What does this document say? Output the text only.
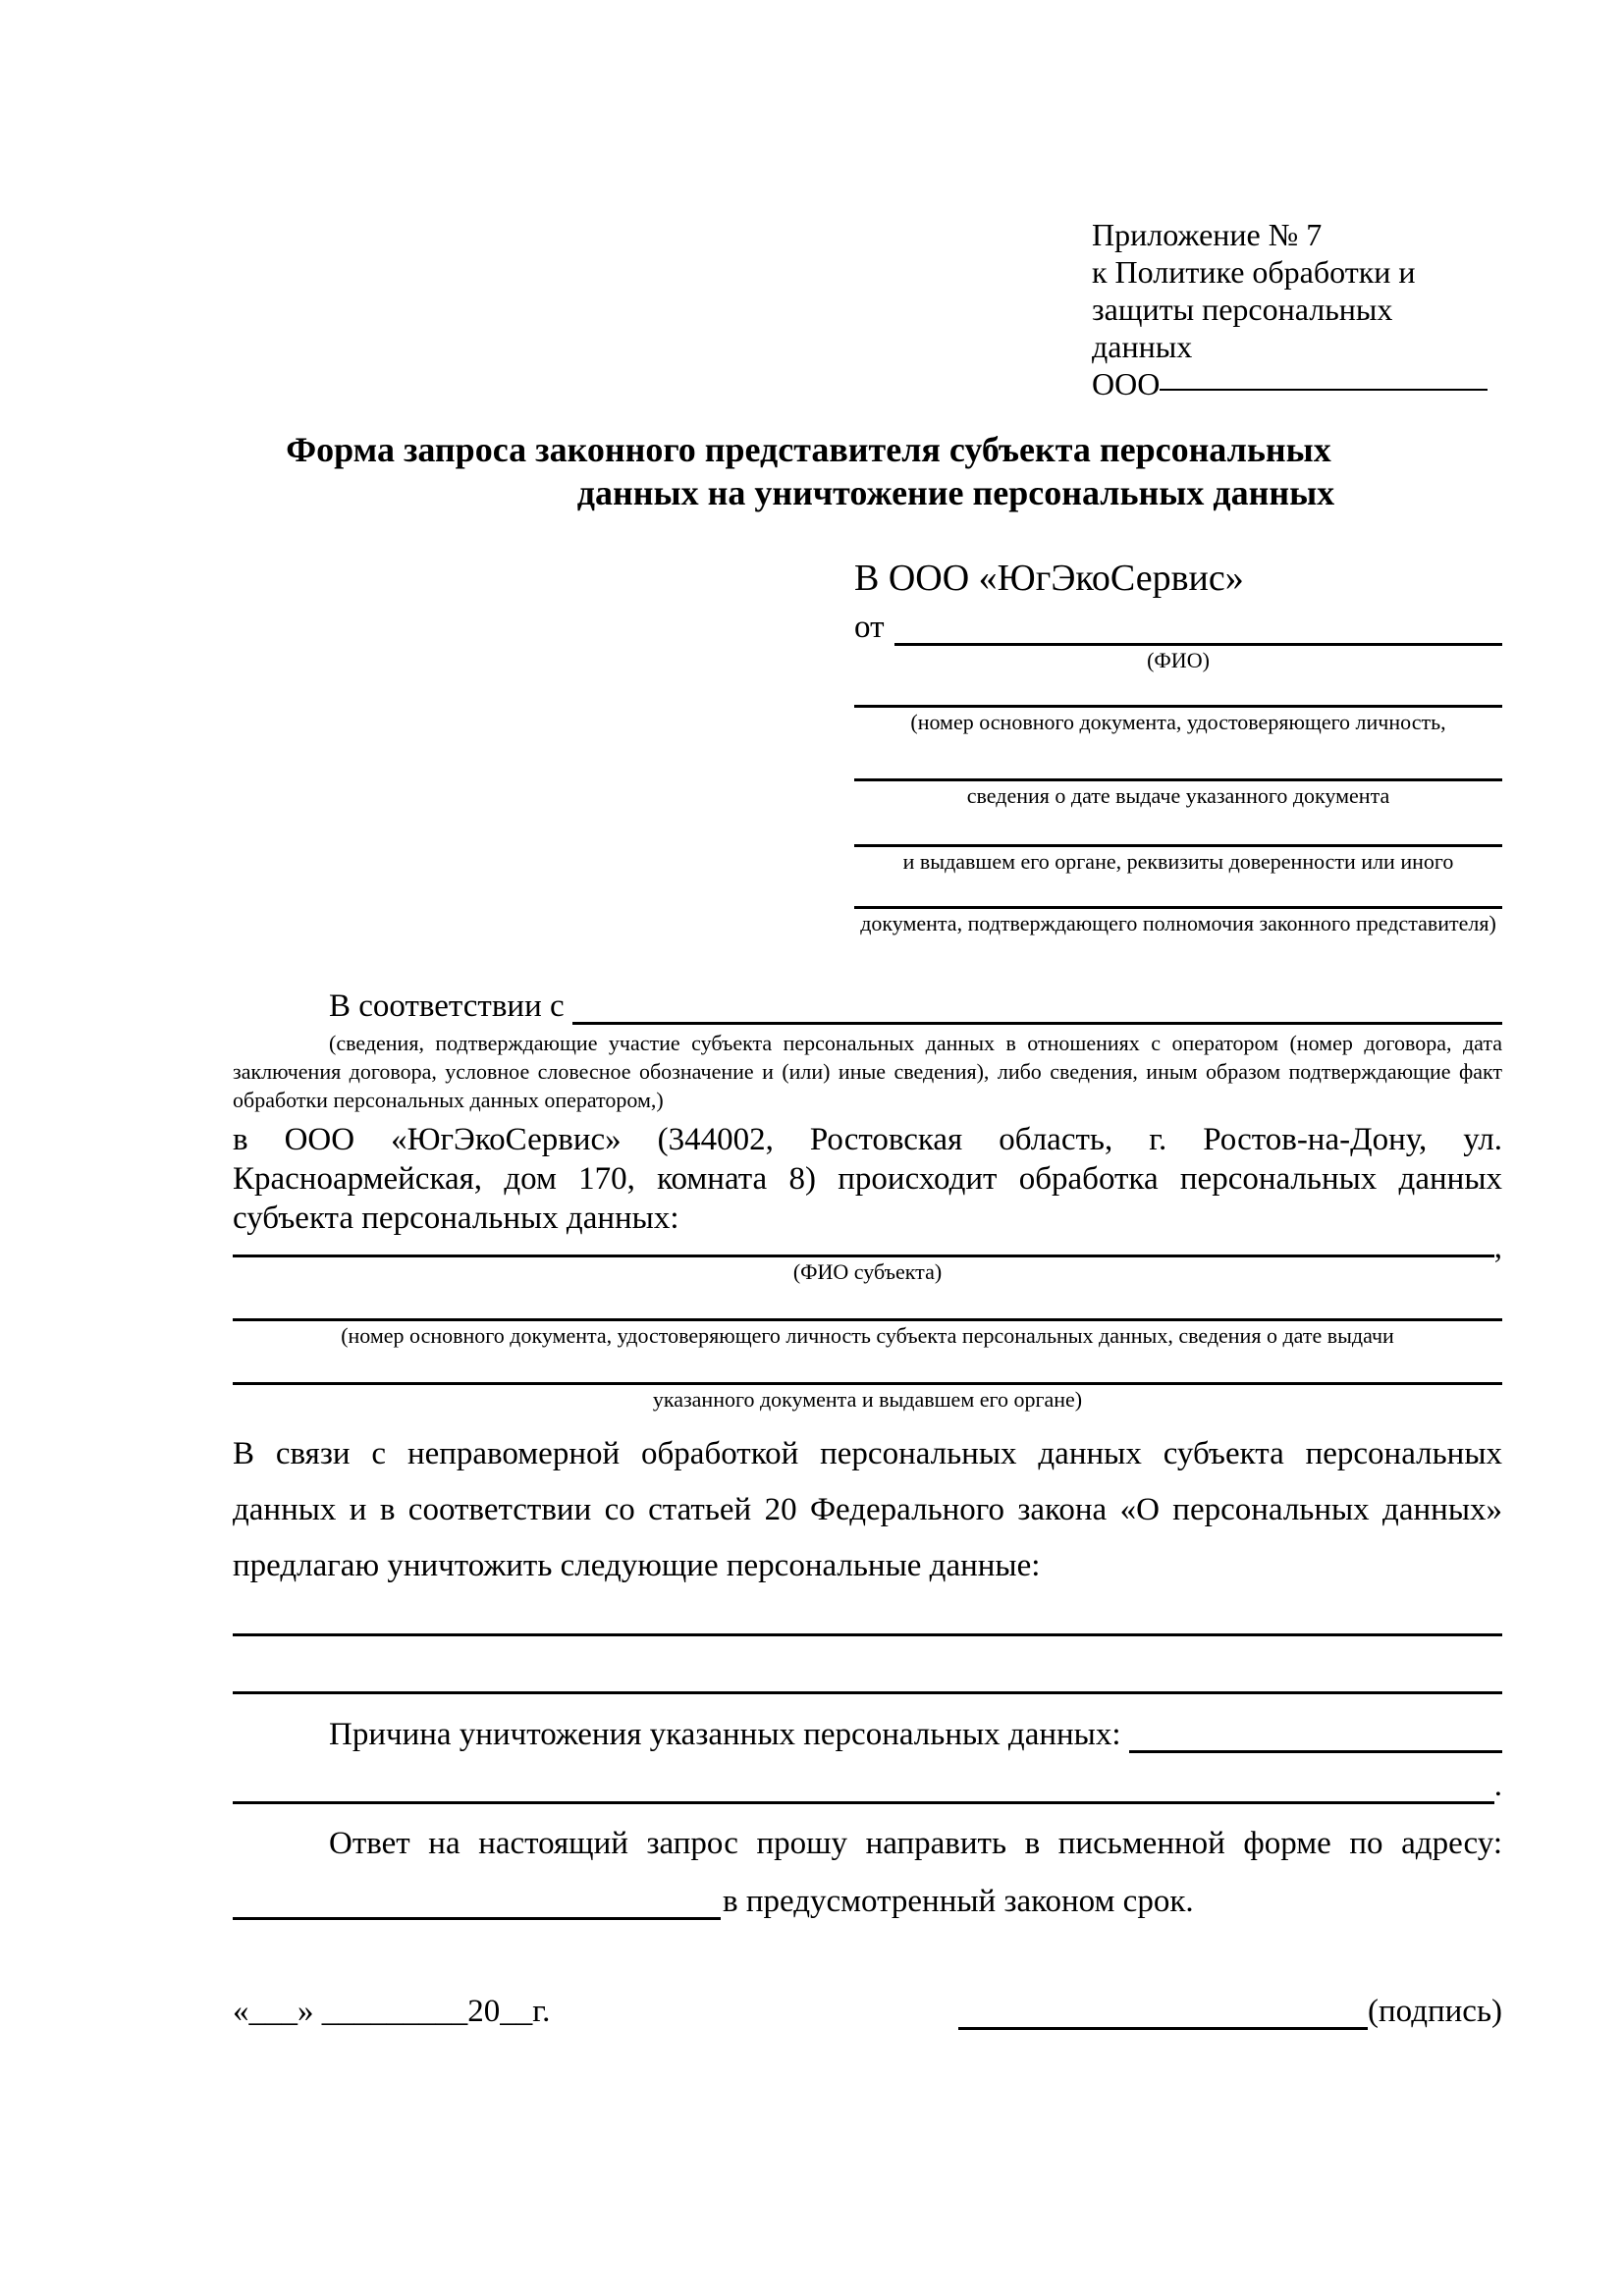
Приложение № 7
к Политике обработки и
защиты персональных данных
ООО
Форма запроса законного представителя субъекта персональных
данных на уничтожение персональных данных
В ООО «ЮгЭкоСервис»
от
(ФИО)
(номер основного документа, удостоверяющего личность,
сведения о дате выдаче указанного документа
и выдавшем его органе, реквизиты доверенности или иного
документа, подтверждающего полномочия законного представителя)
В соответствии с
(сведения, подтверждающие участие субъекта персональных данных в отношениях с оператором (номер договора, дата заключения договора, условное словесное обозначение и (или) иные сведения), либо сведения, иным образом подтверждающие факт обработки персональных данных оператором,)
в ООО «ЮгЭкоСервис» (344002, Ростовская область, г. Ростов-на-Дону, ул. Красноармейская, дом 170, комната 8) происходит обработка персональных данных субъекта персональных данных:
,
(ФИО субъекта)
(номер основного документа, удостоверяющего личность субъекта персональных данных, сведения о дате выдачи
указанного документа и выдавшем его органе)
В связи с неправомерной обработкой персональных данных субъекта персональных данных и в соответствии со статьей 20 Федерального закона «О персональных данных» предлагаю уничтожить следующие персональные данные:
Причина уничтожения указанных персональных данных:
.
Ответ на настоящий запрос прошу направить в письменной форме по адресу:
в предусмотренный законом срок.
«___» _________20__г.	(подпись)
